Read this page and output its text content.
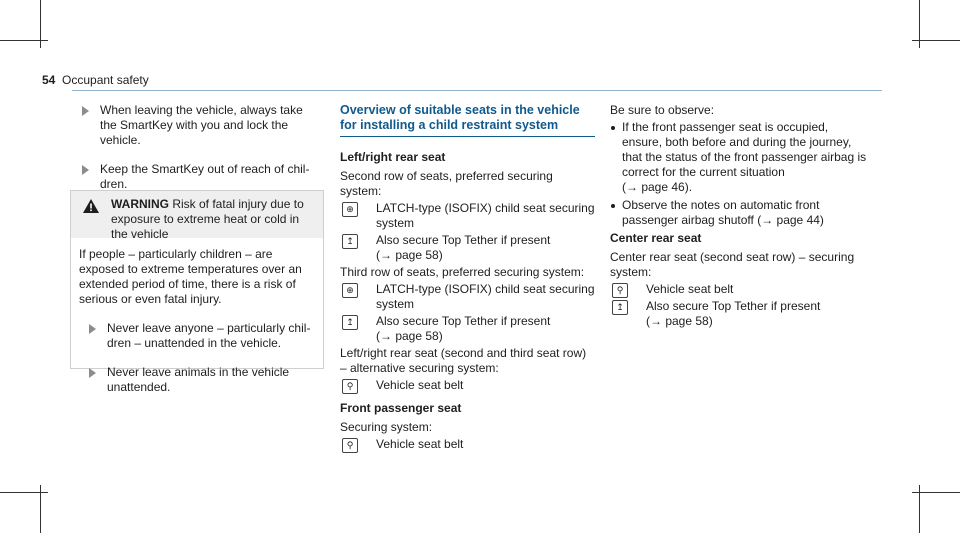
54 Occupant safety
When leaving the vehicle, always take the SmartKey with you and lock the vehicle.
Keep the SmartKey out of reach of children.
WARNING Risk of fatal injury due to exposure to extreme heat or cold in the vehicle

If people – particularly children – are exposed to extreme temperatures over an extended period of time, there is a risk of serious or even fatal injury.

Never leave anyone – particularly children – unattended in the vehicle.
Never leave animals in the vehicle unattended.
Overview of suitable seats in the vehicle for installing a child restraint system
Left/right rear seat
Second row of seats, preferred securing system:
⊕	LATCH-type (ISOFIX) child seat securing system
↥	Also secure Top Tether if present
(→ page 58)
Third row of seats, preferred securing system:
⊕	LATCH-type (ISOFIX) child seat securing system
↥	Also secure Top Tether if present
(→ page 58)
Left/right rear seat (second and third seat row) – alternative securing system:
⚲	Vehicle seat belt
Front passenger seat
Securing system:
⚲	Vehicle seat belt
Be sure to observe:
If the front passenger seat is occupied, ensure, both before and during the journey, that the status of the front passenger airbag is correct for the current situation
(→ page 46).
Observe the notes on automatic front passenger airbag shutoff (→ page 44)
Center rear seat
Center rear seat (second seat row) – securing system:
⚲	Vehicle seat belt
↥	Also secure Top Tether if present
(→ page 58)
